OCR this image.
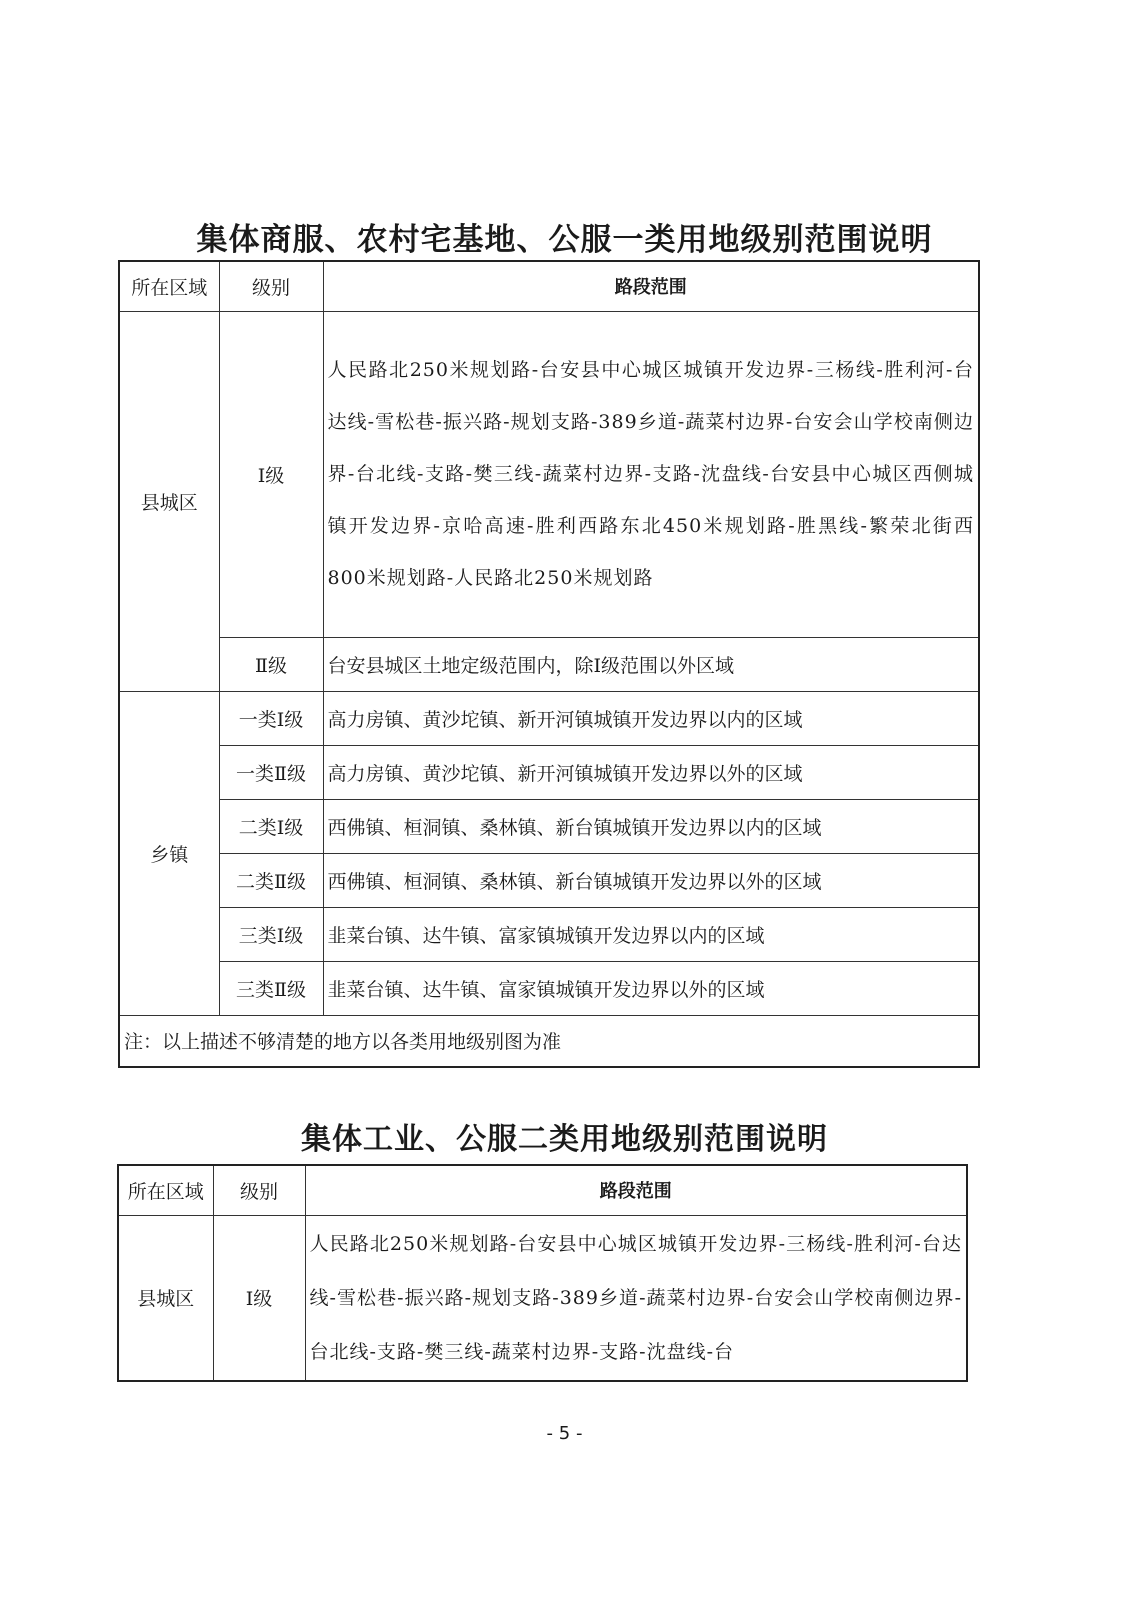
集体商服、农村宅基地、公服一类用地级别范围说明
所在区域	级别	路段范围
县城区	Ⅰ级	人民路北250米规划路-台安县中心城区城镇开发边界-三杨线-胜利河-台达线-雪松巷-振兴路-规划支路-389乡道-蔬菜村边界-台安会山学校南侧边界-台北线-支路-樊三线-蔬菜村边界-支路-沈盘线-台安县中心城区西侧城镇开发边界-京哈高速-胜利西路东北450米规划路-胜黑线-繁荣北街西800米规划路-人民路北250米规划路
	Ⅱ级	台安县城区土地定级范围内，除Ⅰ级范围以外区域
乡镇	一类Ⅰ级	高力房镇、黄沙坨镇、新开河镇城镇开发边界以内的区域
	一类Ⅱ级	高力房镇、黄沙坨镇、新开河镇城镇开发边界以外的区域
	二类Ⅰ级	西佛镇、桓洞镇、桑林镇、新台镇城镇开发边界以内的区域
	二类Ⅱ级	西佛镇、桓洞镇、桑林镇、新台镇城镇开发边界以外的区域
	三类Ⅰ级	韭菜台镇、达牛镇、富家镇城镇开发边界以内的区域
	三类Ⅱ级	韭菜台镇、达牛镇、富家镇城镇开发边界以外的区域
注：以上描述不够清楚的地方以各类用地级别图为准		
集体工业、公服二类用地级别范围说明
所在区域	级别	路段范围
县城区	Ⅰ级	人民路北250米规划路-台安县中心城区城镇开发边界-三杨线-胜利河-台达线-雪松巷-振兴路-规划支路-389乡道-蔬菜村边界-台安会山学校南侧边界-台北线-支路-樊三线-蔬菜村边界-支路-沈盘线-台
- 5 -
